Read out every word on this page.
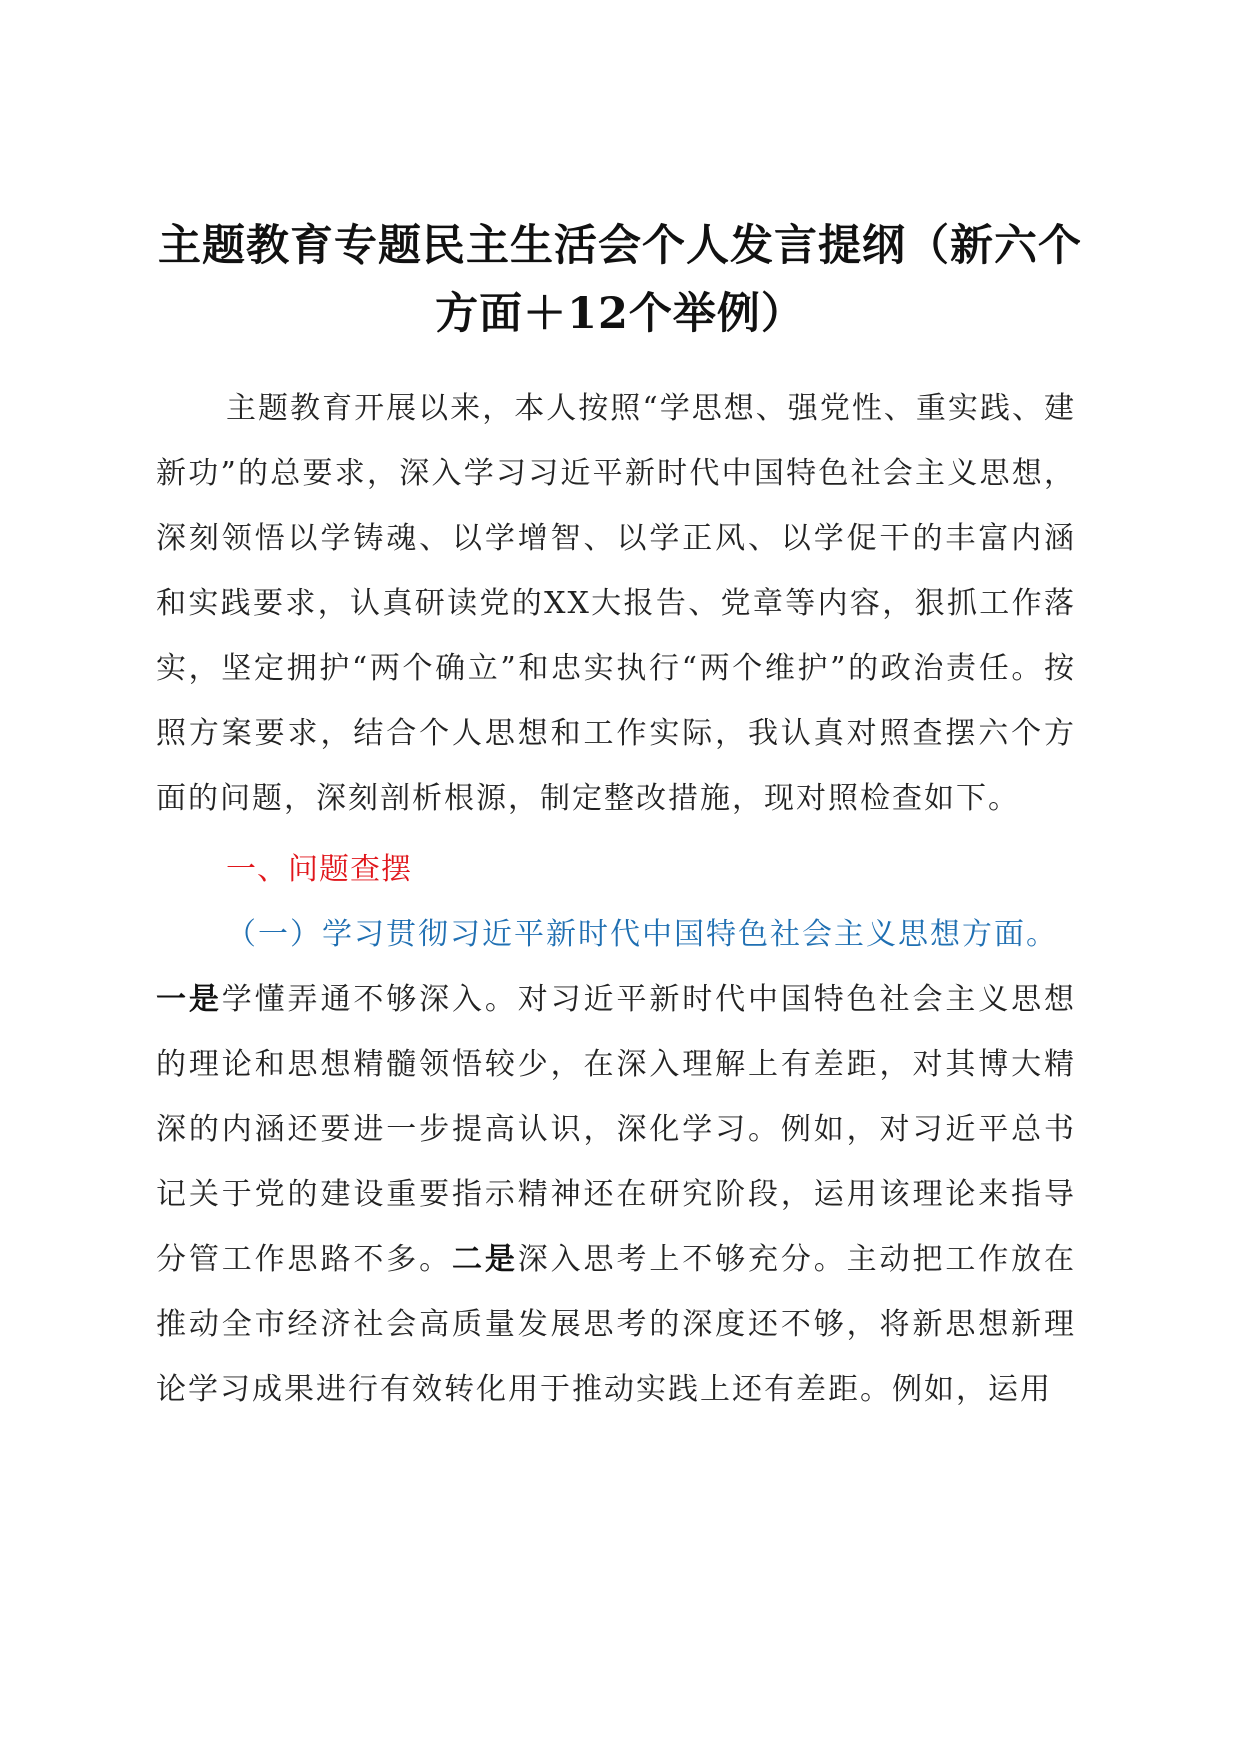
主题教育专题民主生活会个人发言提纲（新六个方面＋12个举例）

主题教育开展以来，本人按照“学思想、强党性、重实践、建新功”的总要求，深入学习习近平新时代中国特色社会主义思想，深刻领悟以学铸魂、以学增智、以学正风、以学促干的丰富内涵和实践要求，认真研读党的XX大报告、党章等内容，狠抓工作落实，坚定拥护“两个确立”和忠实执行“两个维护”的政治责任。按照方案要求，结合个人思想和工作实际，我认真对照查摆六个方面的问题，深刻剖析根源，制定整改措施，现对照检查如下。

一、问题查摆

（一）学习贯彻习近平新时代中国特色社会主义思想方面。

一是学懂弄通不够深入。对习近平新时代中国特色社会主义思想的理论和思想精髓领悟较少，在深入理解上有差距，对其博大精深的内涵还要进一步提高认识，深化学习。例如，对习近平总书记关于党的建设重要指示精神还在研究阶段，运用该理论来指导分管工作思路不多。二是深入思考上不够充分。主动把工作放在推动全市经济社会高质量发展思考的深度还不够，将新思想新理论学习成果进行有效转化用于推动实践上还有差距。例如，运用
